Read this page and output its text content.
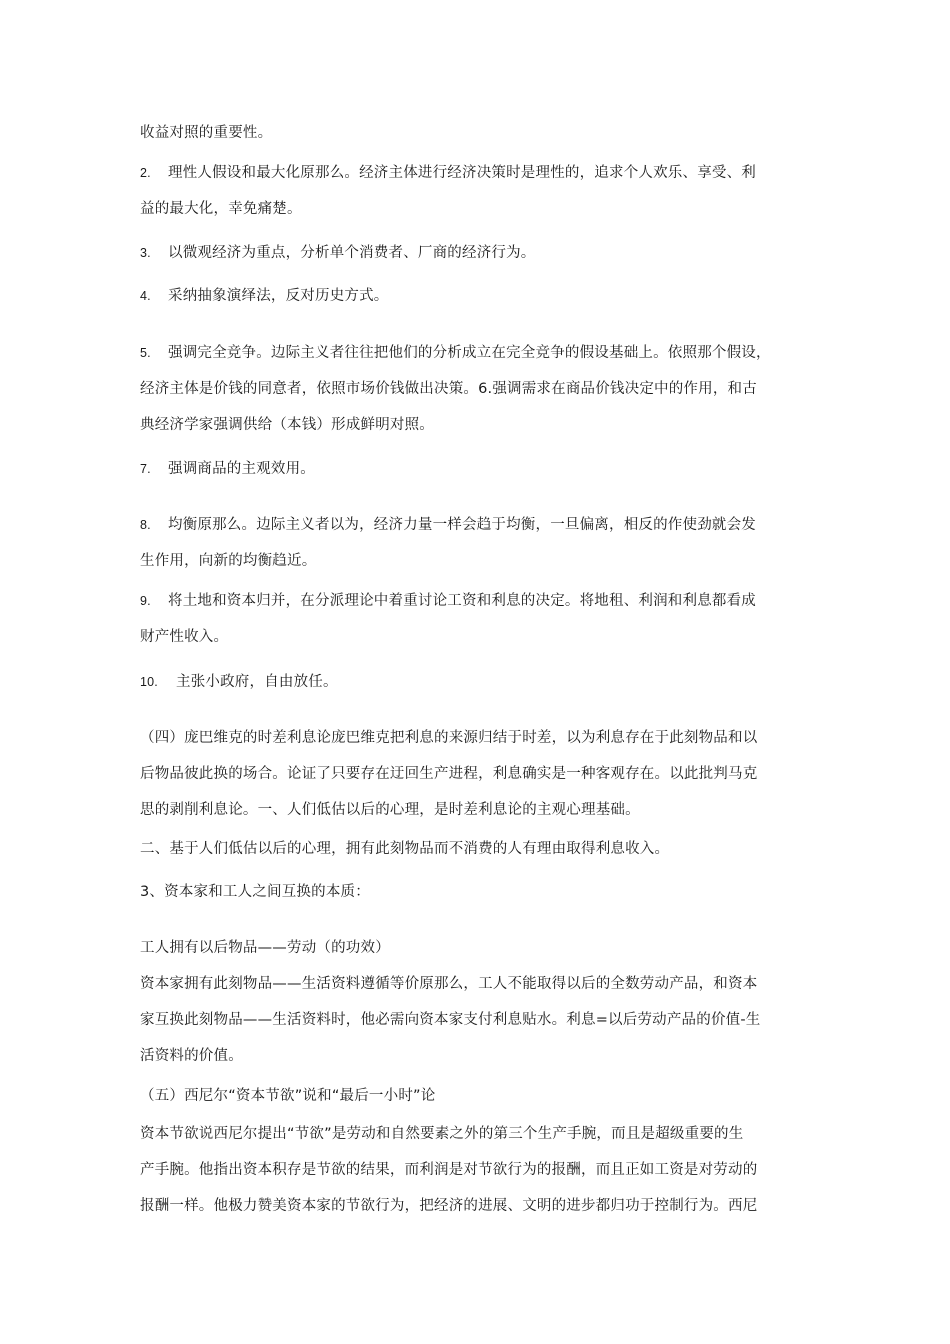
收益对照的重要性。

2. 理性人假设和最大化原那么。经济主体进行经济决策时是理性的，追求个人欢乐、享受、利

益的最大化，幸免痛楚。

3. 以微观经济为重点，分析单个消费者、厂商的经济行为。

4. 采纳抽象演绎法，反对历史方式。

5. 强调完全竞争。边际主义者往往把他们的分析成立在完全竞争的假设基础上。依照那个假设，

经济主体是价钱的同意者，依照市场价钱做出决策。6.强调需求在商品价钱决定中的作用，和古

典经济学家强调供给（本钱）形成鲜明对照。

7. 强调商品的主观效用。

8. 均衡原那么。边际主义者以为，经济力量一样会趋于均衡，一旦偏离，相反的作使劲就会发

生作用，向新的均衡趋近。

9. 将土地和资本归并，在分派理论中着重讨论工资和利息的决定。将地租、利润和利息都看成

财产性收入。

10. 主张小政府，自由放任。

（四）庞巴维克的时差利息论庞巴维克把利息的来源归结于时差，以为利息存在于此刻物品和以

后物品彼此换的场合。论证了只要存在迂回生产进程，利息确实是一种客观存在。以此批判马克

思的剥削利息论。一、人们低估以后的心理，是时差利息论的主观心理基础。

二、基于人们低估以后的心理，拥有此刻物品而不消费的人有理由取得利息收入。

3、资本家和工人之间互换的本质：

工人拥有以后物品——劳动（的功效）

资本家拥有此刻物品——生活资料遵循等价原那么，工人不能取得以后的全数劳动产品，和资本

家互换此刻物品——生活资料时，他必需向资本家支付利息贴水。利息=以后劳动产品的价值-生

活资料的价值。

（五）西尼尔“资本节欲”说和“最后一小时”论

资本节欲说西尼尔提出“节欲”是劳动和自然要素之外的第三个生产手腕，而且是超级重要的生

产手腕。他指出资本积存是节欲的结果，而利润是对节欲行为的报酬，而且正如工资是对劳动的

报酬一样。他极力赞美资本家的节欲行为，把经济的进展、文明的进步都归功于控制行为。西尼
